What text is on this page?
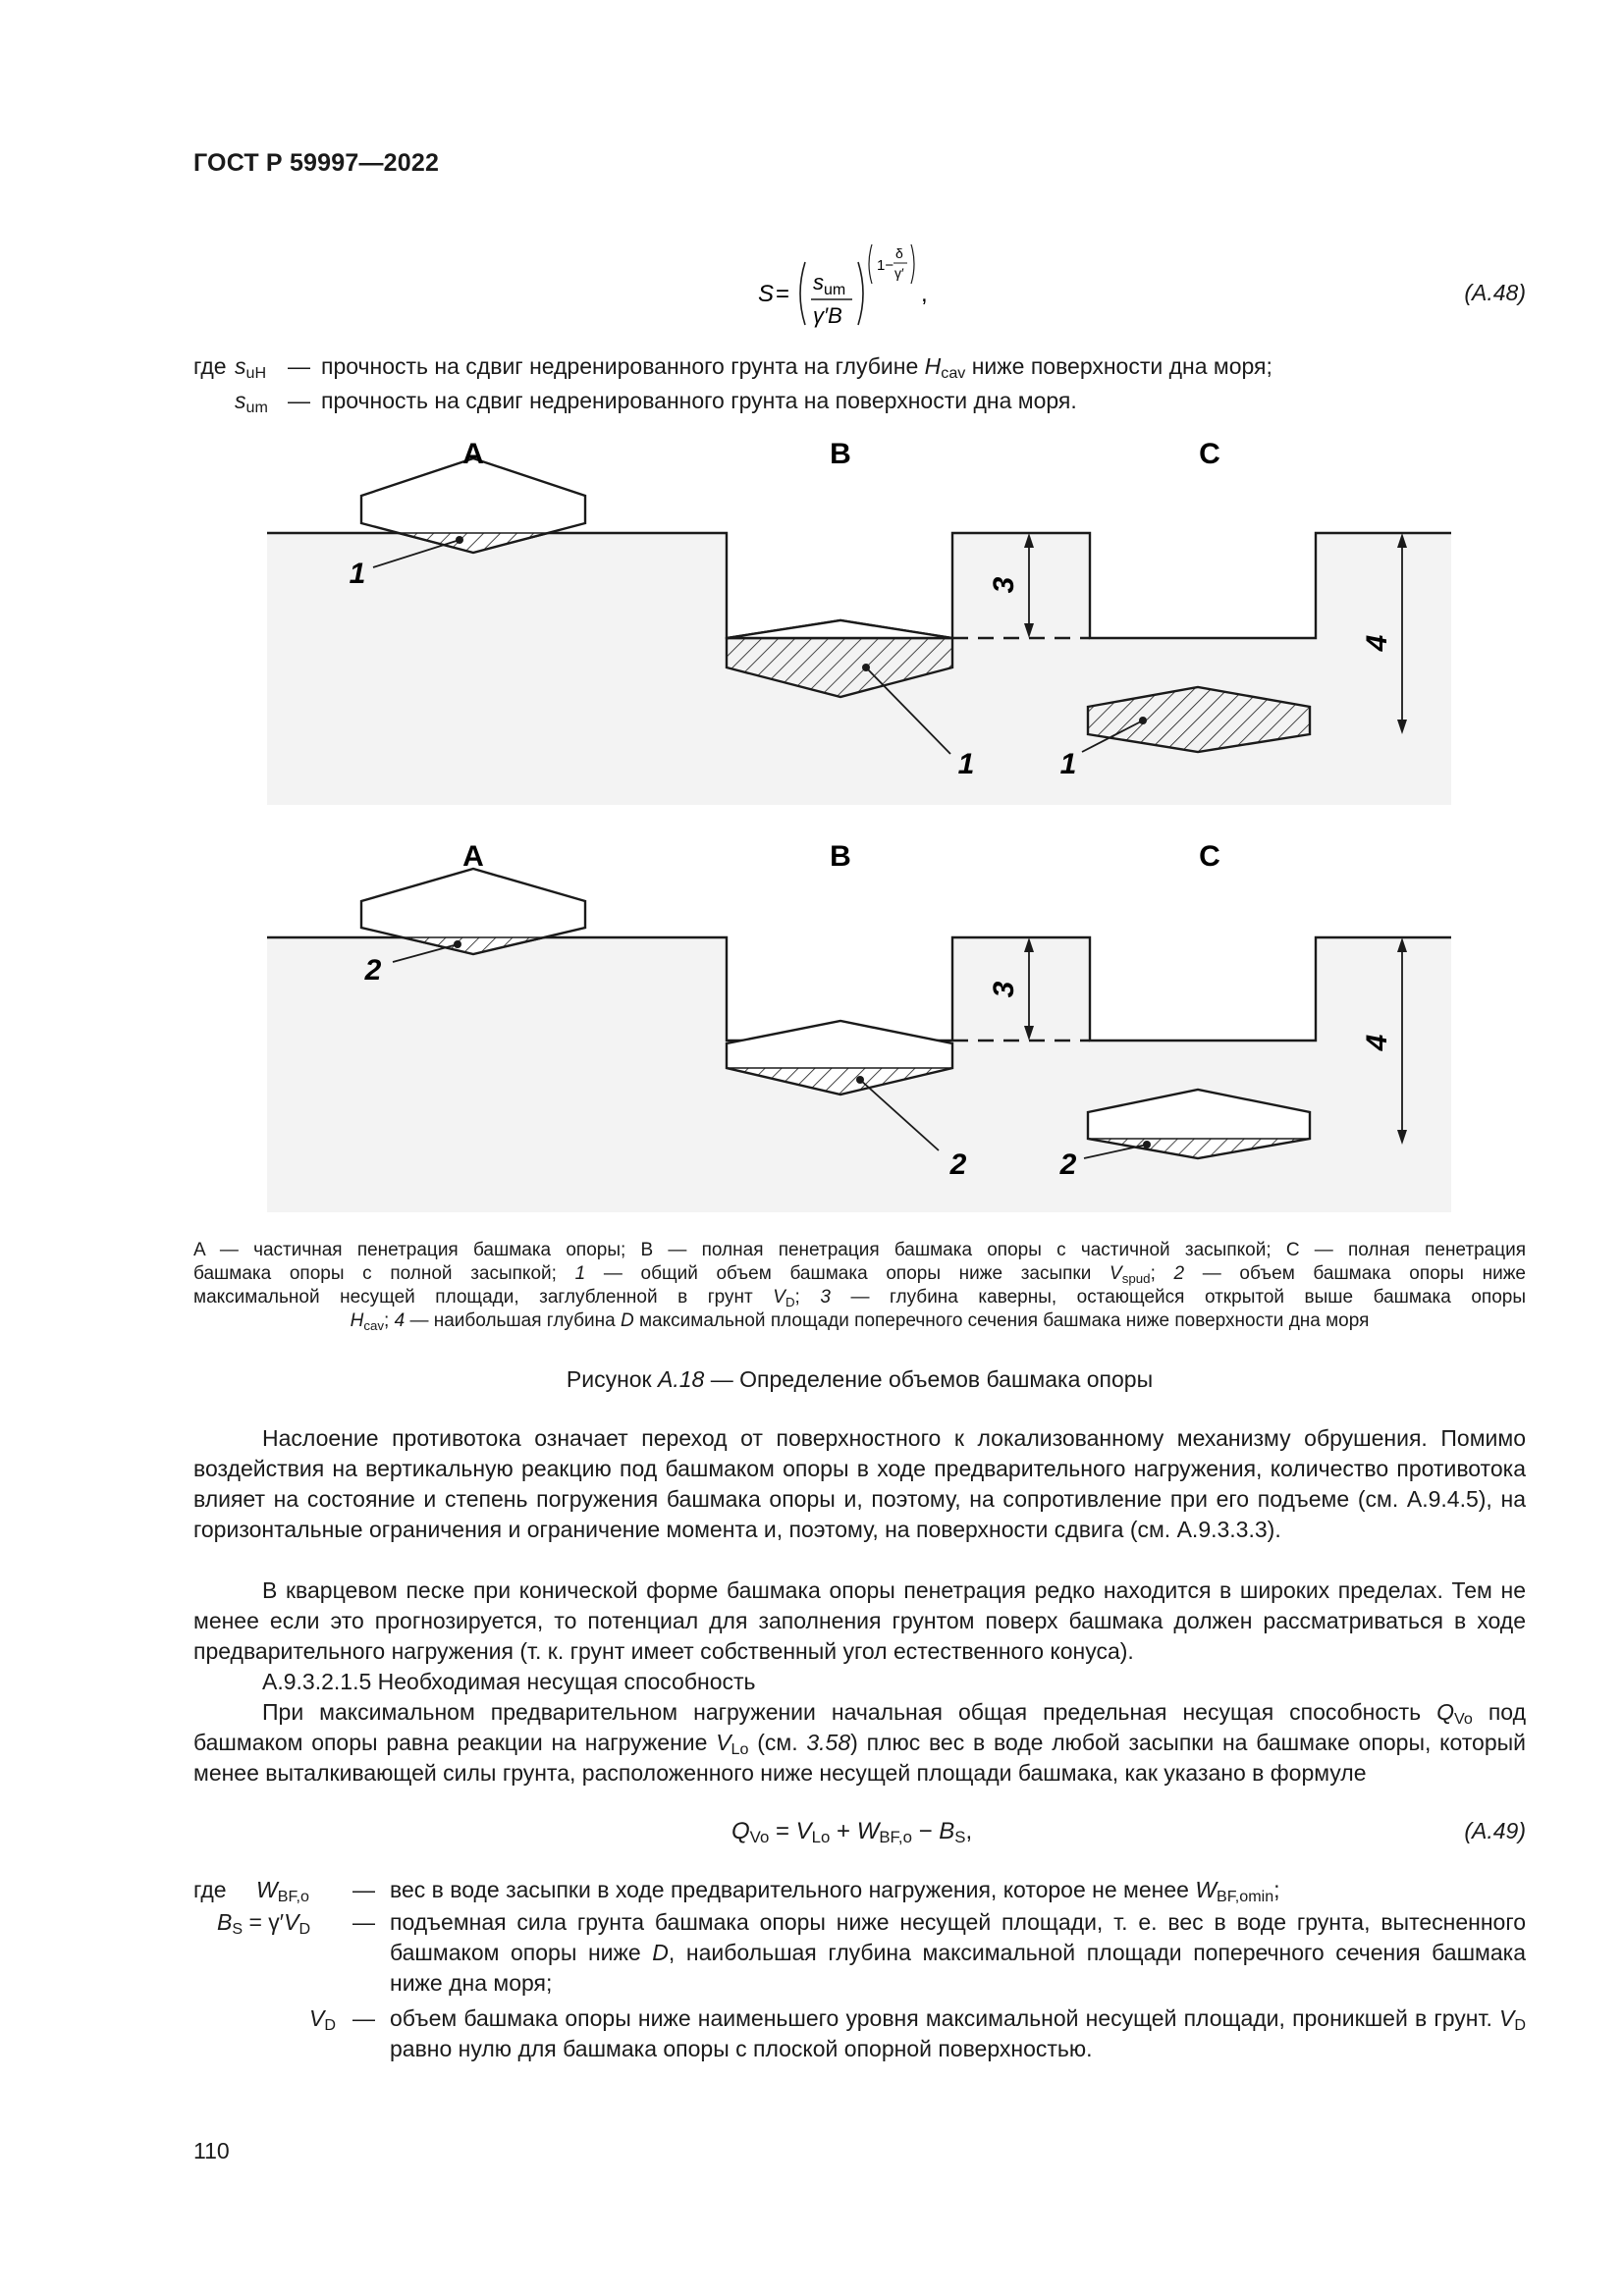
ГОСТ Р 59997—2022
S = s um
γ′B
1−
δ
γ′
,	(A.48)
где $s_{uH}$ — прочность на сдвиг недренированного грунта на глубине $H_{cav}$ ниже поверхности дна моря;
$s_{um}$ — прочность на сдвиг недренированного грунта на поверхности дна моря.
A	B	C
1
1	1
3
4
A	B	C
2
2	2
3
4
A — частичная пенетрация башмака опоры; B — полная пенетрация башмака опоры с частичной засыпкой; C — полная пенетрация
башмака опоры с полной засыпкой; 1 — общий объем башмака опоры ниже засыпки $V_{spud}$; 2 — объем башмака опоры ниже
максимальной несущей площади, заглубленной в грунт $V_D$; 3 — глубина каверны, остающейся открытой выше башмака опоры
$H_{cav}$; 4 — наибольшая глубина D максимальной площади поперечного сечения башмака ниже поверхности дна моря
Рисунок A.18 — Определение объемов башмака опоры
Наслоение противотока означает переход от поверхностного к локализованному механизму обрушения. Помимо воздействия на вертикальную реакцию под башмаком опоры в ходе предварительного нагружения, количество противотока влияет на состояние и степень погружения башмака опоры и, поэтому, на сопротивление при его подъеме (см. A.9.4.5), на горизонтальные ограничения и ограничение момента и, поэтому, на поверхности сдвига (см. A.9.3.3.3).
В кварцевом песке при конической форме башмака опоры пенетрация редко находится в широких пределах. Тем не менее если это прогнозируется, то потенциал для заполнения грунтом поверх башмака должен рассматриваться в ходе предварительного нагружения (т. к. грунт имеет собственный угол естественного конуса).
A.9.3.2.1.5 Необходимая несущая способность
При максимальном предварительном нагружении начальная общая предельная несущая способность $Q_{Vo}$ под башмаком опоры равна реакции на нагружение $V_{Lo}$ (см. 3.58) плюс вес в воде любой засыпки на башмаке опоры, который менее выталкивающей силы грунта, расположенного ниже несущей площади башмака, как указано в формуле
$Q_{Vo} = V_{Lo} + W_{BF,o} - B_S$,	(A.49)
где $W_{BF,o}$ — вес в воде засыпки в ходе предварительного нагружения, которое не менее $W_{BF,omin}$;
$B_S = \gamma'V_D$ — подъемная сила грунта башмака опоры ниже несущей площади, т. е. вес в воде грунта, вытесненного башмаком опоры ниже D, наибольшая глубина максимальной площади поперечного сечения башмака ниже дна моря;
$V_D$ — объем башмака опоры ниже наименьшего уровня максимальной несущей площади, проникшей в грунт. $V_D$ равно нулю для башмака опоры с плоской опорной поверхностью.
110
